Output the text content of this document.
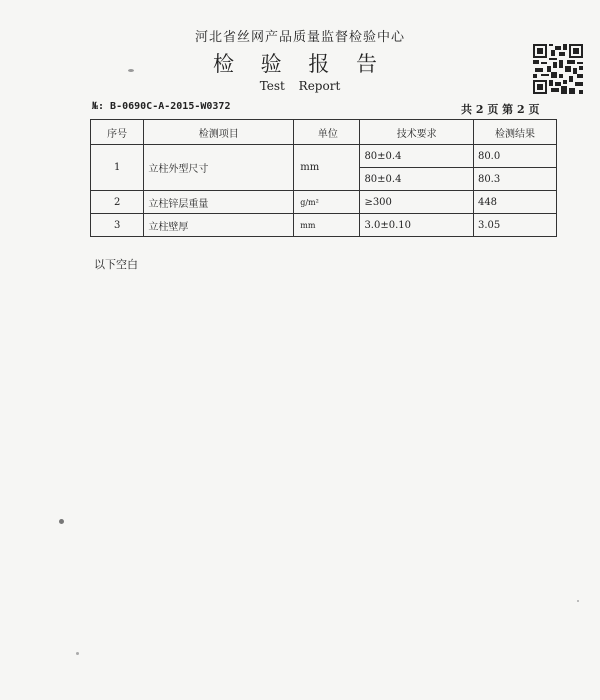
河北省丝网产品质量监督检验中心
检 验 报 告
Test Report
№: B-0690C-A-2015-W0372	共 2 页 第 2 页
序号	检测项目	单位	技术要求	检测结果
1	立柱外型尺寸	mm	80±0.4	80.0
			80±0.4	80.3
2	立柱锌层重量	g/m²	≥300	448
3	立柱壁厚	mm	3.0±0.10	3.05
以下空白
